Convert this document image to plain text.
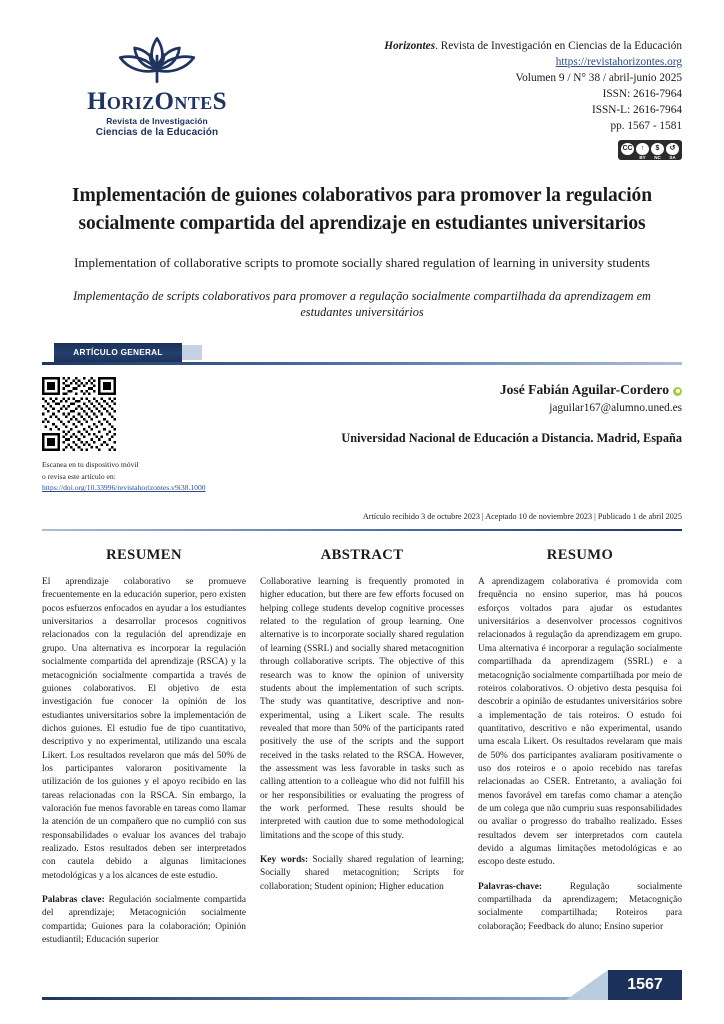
HORIZONTES
Revista de Investigación
Ciencias de la Educación
Horizontes. Revista de Investigación en Ciencias de la Educación
https://revistahorizontes.org
Volumen 9 / N° 38 / abril-junio 2025
ISSN: 2616-7964
ISSN-L: 2616-7964
pp. 1567 - 1581
CC
	↑
BY
$
NC
↺
SA
Implementación de guiones colaborativos para promover la regulación socialmente compartida del aprendizaje en estudiantes universitarios
Implementation of collaborative scripts to promote socially shared regulation of learning in university students
Implementação de scripts colaborativos para promover a regulação socialmente compartilhada da aprendizagem em estudantes universitários
ARTÍCULO GENERAL
Escanea en tu dispositivo móvil
o revisa este artículo en:
https://doi.org/10.33996/revistahorizontes.v9i38.1000
José Fabián Aguilar-Cordero
jaguilar167@alumno.uned.es
Universidad Nacional de Educación a Distancia. Madrid, España
Artículo recibido 3 de octubre 2023 | Aceptado 10 de noviembre 2023 | Publicado 1 de abril 2025
RESUMEN	ABSTRACT	RESUMO

El aprendizaje colaborativo se promueve frecuentemente en la educación superior, pero existen pocos esfuerzos enfocados en ayudar a los estudiantes universitarios a desarrollar procesos cognitivos relacionados con la regulación del aprendizaje en grupo. Una alternativa es incorporar la regulación socialmente compartida del aprendizaje (RSCA) y la metacognición socialmente compartida a través de guiones colaborativos. El objetivo de esta investigación fue conocer la opinión de los estudiantes universitarios sobre la implementación de dichos guiones. El estudio fue de tipo cuantitativo, descriptivo y no experimental, utilizando una escala Likert. Los resultados revelaron que más del 50% de los participantes valoraron positivamente la utilización de los guiones y el apoyo recibido en las tareas relacionadas con la RSCA. Sin embargo, la valoración fue menos favorable en tareas como llamar la atención de un compañero que no cumplió con sus responsabilidades o evaluar los avances del trabajo realizado. Estos resultados deben ser interpretados con cautela debido a algunas limitaciones metodológicas y a los alcances de este estudio.

Palabras clave: Regulación socialmente compartida del aprendizaje; Metacognición socialmente compartida; Guiones para la colaboración; Opinión estudiantil; Educación superior

Collaborative learning is frequently promoted in higher education, but there are few efforts focused on helping college students develop cognitive processes related to the regulation of group learning. One alternative is to incorporate socially shared regulation of learning (SSRL) and socially shared metacognition through collaborative scripts. The objective of this research was to know the opinion of university students about the implementation of such scripts. The study was quantitative, descriptive and non-experimental, using a Likert scale. The results revealed that more than 50% of the participants rated positively the use of the scripts and the support received in the tasks related to the RSCA. However, the assessment was less favorable in tasks such as calling attention to a colleague who did not fulfill his or her responsibilities or evaluating the progress of the work performed. These results should be interpreted with caution due to some methodological limitations and the scope of this study.

Key words: Socially shared regulation of learning; Socially shared metacognition; Scripts for collaboration; Student opinion; Higher education

A aprendizagem colaborativa é promovida com frequência no ensino superior, mas há poucos esforços voltados para ajudar os estudantes universitários a desenvolver processos cognitivos relacionados à regulação da aprendizagem em grupo. Uma alternativa é incorporar a regulação socialmente compartilhada da aprendizagem (SSRL) e a metacognição socialmente compartilhada por meio de roteiros colaborativos. O objetivo desta pesquisa foi descobrir a opinião de estudantes universitários sobre a implementação de tais roteiros. O estudo foi quantitativo, descritivo e não experimental, usando uma escala Likert. Os resultados revelaram que mais de 50% dos participantes avaliaram positivamente o uso dos roteiros e o apoio recebido nas tarefas relacionadas ao CSER. Entretanto, a avaliação foi menos favorável em tarefas como chamar a atenção de um colega que não cumpriu suas responsabilidades ou avaliar o progresso do trabalho realizado. Esses resultados devem ser interpretados com cautela devido a algumas limitações metodológicas e ao escopo deste estudo.

Palavras-chave: Regulação socialmente compartilhada da aprendizagem; Metacognição socialmente compartilhada; Roteiros para colaboração; Feedback do aluno; Ensino superior

1567
